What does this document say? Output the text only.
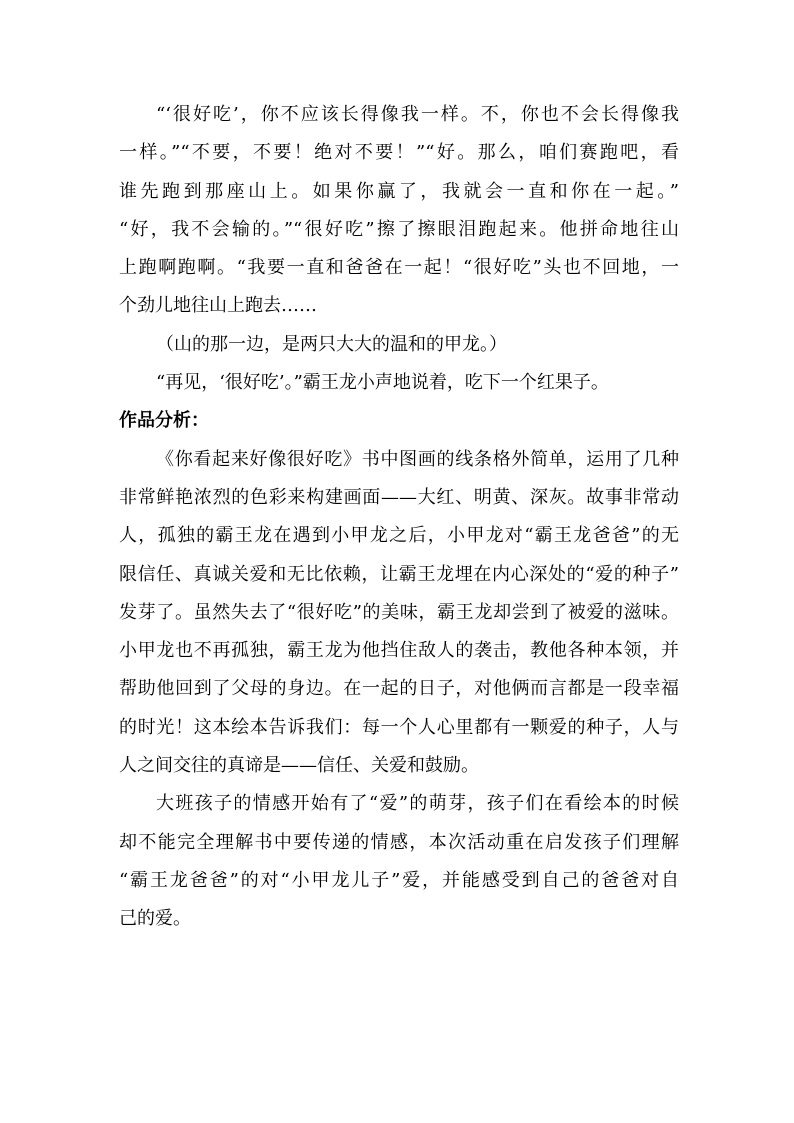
“‘很好吃’，你不应该长得像我一样。不，你也不会长得像我
一样。”“不要，不要！绝对不要！”“好。那么，咱们赛跑吧，看
谁先跑到那座山上。如果你赢了，我就会一直和你在一起。”
“好，我不会输的。”“很好吃”擦了擦眼泪跑起来。他拼命地往山
上跑啊跑啊。“我要一直和爸爸在一起！“很好吃”头也不回地，一
个劲儿地往山上跑去……
（山的那一边，是两只大大的温和的甲龙。）
“再见，‘很好吃’。”霸王龙小声地说着，吃下一个红果子。
作品分析：
《你看起来好像很好吃》书中图画的线条格外简单，运用了几种
非常鲜艳浓烈的色彩来构建画面——大红、明黄、深灰。故事非常动
人，孤独的霸王龙在遇到小甲龙之后，小甲龙对“霸王龙爸爸”的无
限信任、真诚关爱和无比依赖，让霸王龙埋在内心深处的“爱的种子”
发芽了。虽然失去了“很好吃”的美味，霸王龙却尝到了被爱的滋味。
小甲龙也不再孤独，霸王龙为他挡住敌人的袭击，教他各种本领，并
帮助他回到了父母的身边。在一起的日子，对他俩而言都是一段幸福
的时光！这本绘本告诉我们：每一个人心里都有一颗爱的种子，人与
人之间交往的真谛是——信任、关爱和鼓励。
大班孩子的情感开始有了“爱”的萌芽，孩子们在看绘本的时候
却不能完全理解书中要传递的情感，本次活动重在启发孩子们理解
“霸王龙爸爸”的对“小甲龙儿子”爱，并能感受到自己的爸爸对自
己的爱。
